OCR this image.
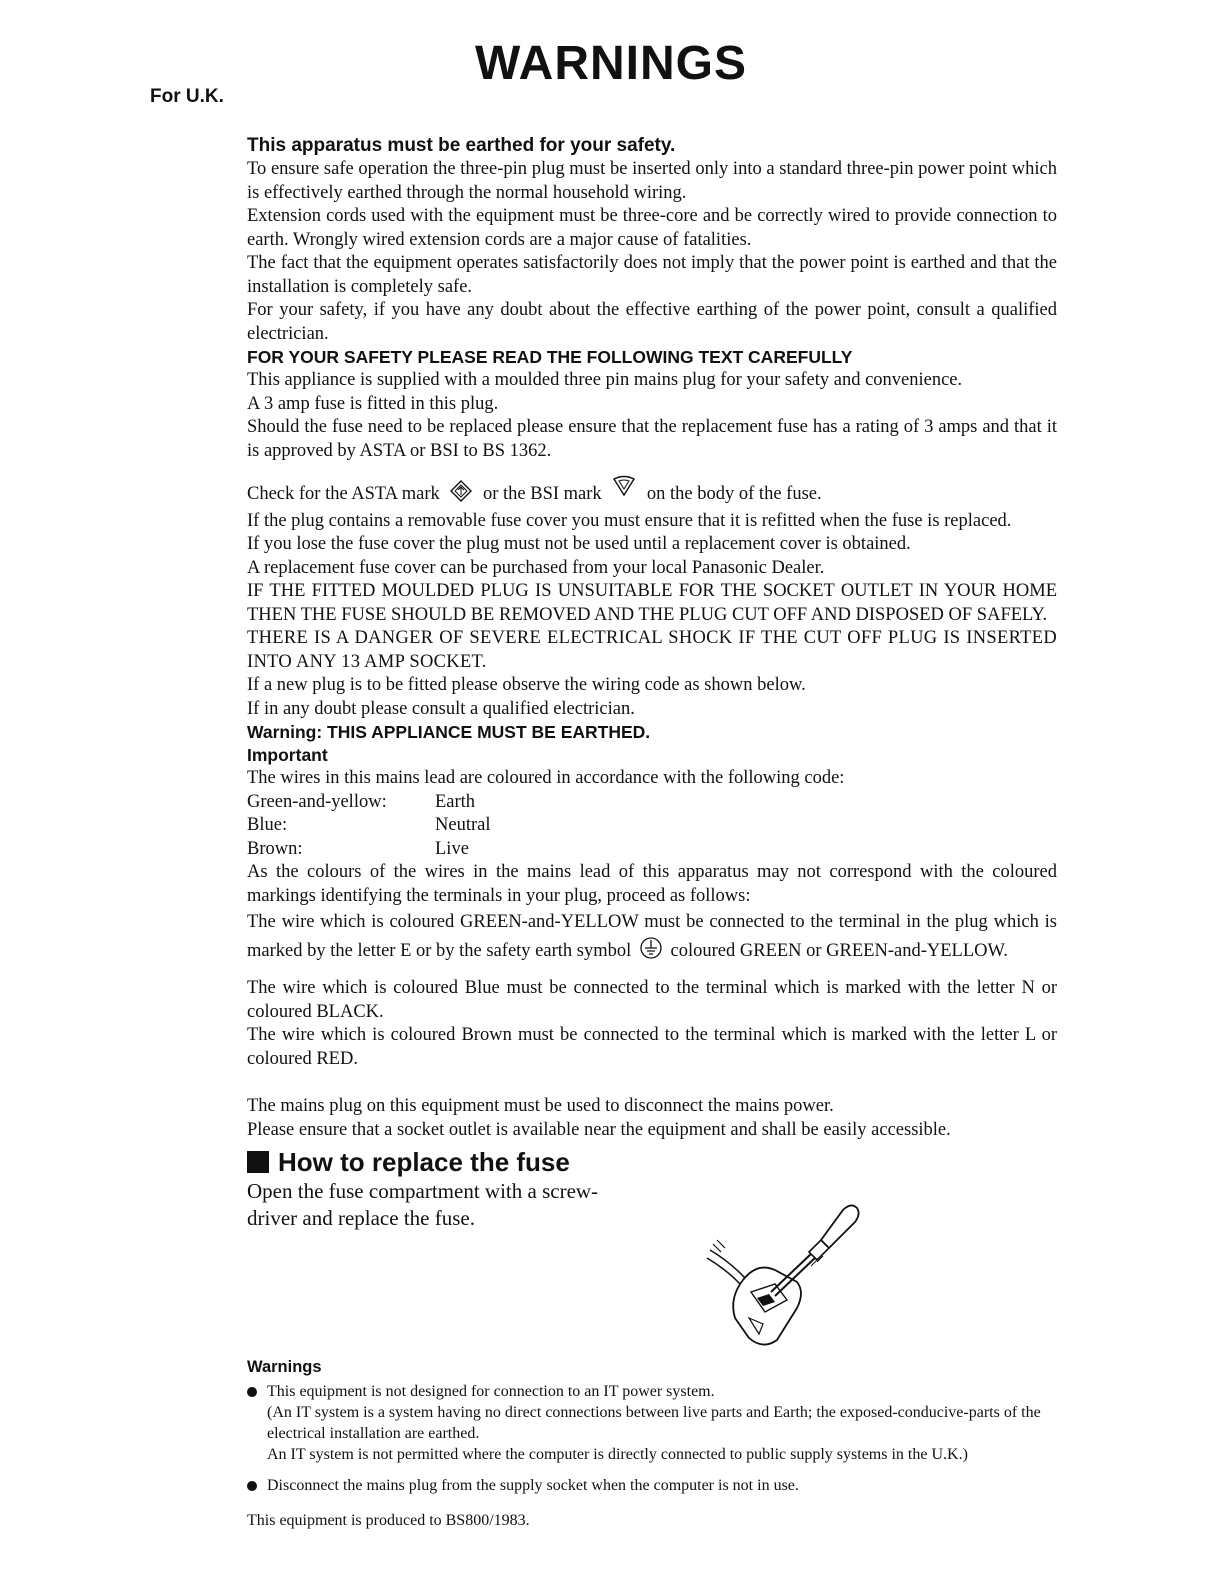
WARNINGS
For U.K.

This apparatus must be earthed for your safety.

To ensure safe operation the three-pin plug must be inserted only into a standard three-pin power point which is effectively earthed through the normal household wiring.

Extension cords used with the equipment must be three-core and be correctly wired to provide connection to earth. Wrongly wired extension cords are a major cause of fatalities.

The fact that the equipment operates satisfactorily does not imply that the power point is earthed and that the installation is completely safe.

For your safety, if you have any doubt about the effective earthing of the power point, consult a qualified electrician.

FOR YOUR SAFETY PLEASE READ THE FOLLOWING TEXT CAREFULLY

This appliance is supplied with a moulded three pin mains plug for your safety and convenience.

A 3 amp fuse is fitted in this plug.

Should the fuse need to be replaced please ensure that the replacement fuse has a rating of 3 amps and that it is approved by ASTA or BSI to BS 1362.

Check for the ASTA mark or the BSI mark on the body of the fuse.

If the plug contains a removable fuse cover you must ensure that it is refitted when the fuse is replaced.

If you lose the fuse cover the plug must not be used until a replacement cover is obtained.

A replacement fuse cover can be purchased from your local Panasonic Dealer.

IF THE FITTED MOULDED PLUG IS UNSUITABLE FOR THE SOCKET OUTLET IN YOUR HOME THEN THE FUSE SHOULD BE REMOVED AND THE PLUG CUT OFF AND DISPOSED OF SAFELY.

THERE IS A DANGER OF SEVERE ELECTRICAL SHOCK IF THE CUT OFF PLUG IS INSERTED INTO ANY 13 AMP SOCKET.

If a new plug is to be fitted please observe the wiring code as shown below.

If in any doubt please consult a qualified electrician.

Warning: THIS APPLIANCE MUST BE EARTHED.

Important

The wires in this mains lead are coloured in accordance with the following code:

Green-and-yellow:	Earth
Blue:	Neutral
Brown:	Live

As the colours of the wires in the mains lead of this apparatus may not correspond with the coloured markings identifying the terminals in your plug, proceed as follows:

The wire which is coloured GREEN-and-YELLOW must be connected to the terminal in the plug which is marked by the letter E or by the safety earth symbol coloured GREEN or GREEN-and-YELLOW.

The wire which is coloured Blue must be connected to the terminal which is marked with the letter N or coloured BLACK.

The wire which is coloured Brown must be connected to the terminal which is marked with the letter L or coloured RED.

The mains plug on this equipment must be used to disconnect the mains power.

Please ensure that a socket outlet is available near the equipment and shall be easily accessible.

How to replace the fuse

Open the fuse compartment with a screw-driver and replace the fuse.

Warnings

This equipment is not designed for connection to an IT power system.

(An IT system is a system having no direct connections between live parts and Earth; the exposed-conducive-parts of the electrical installation are earthed.

An IT system is not permitted where the computer is directly connected to public supply systems in the U.K.)

Disconnect the mains plug from the supply socket when the computer is not in use.

This equipment is produced to BS800/1983.
